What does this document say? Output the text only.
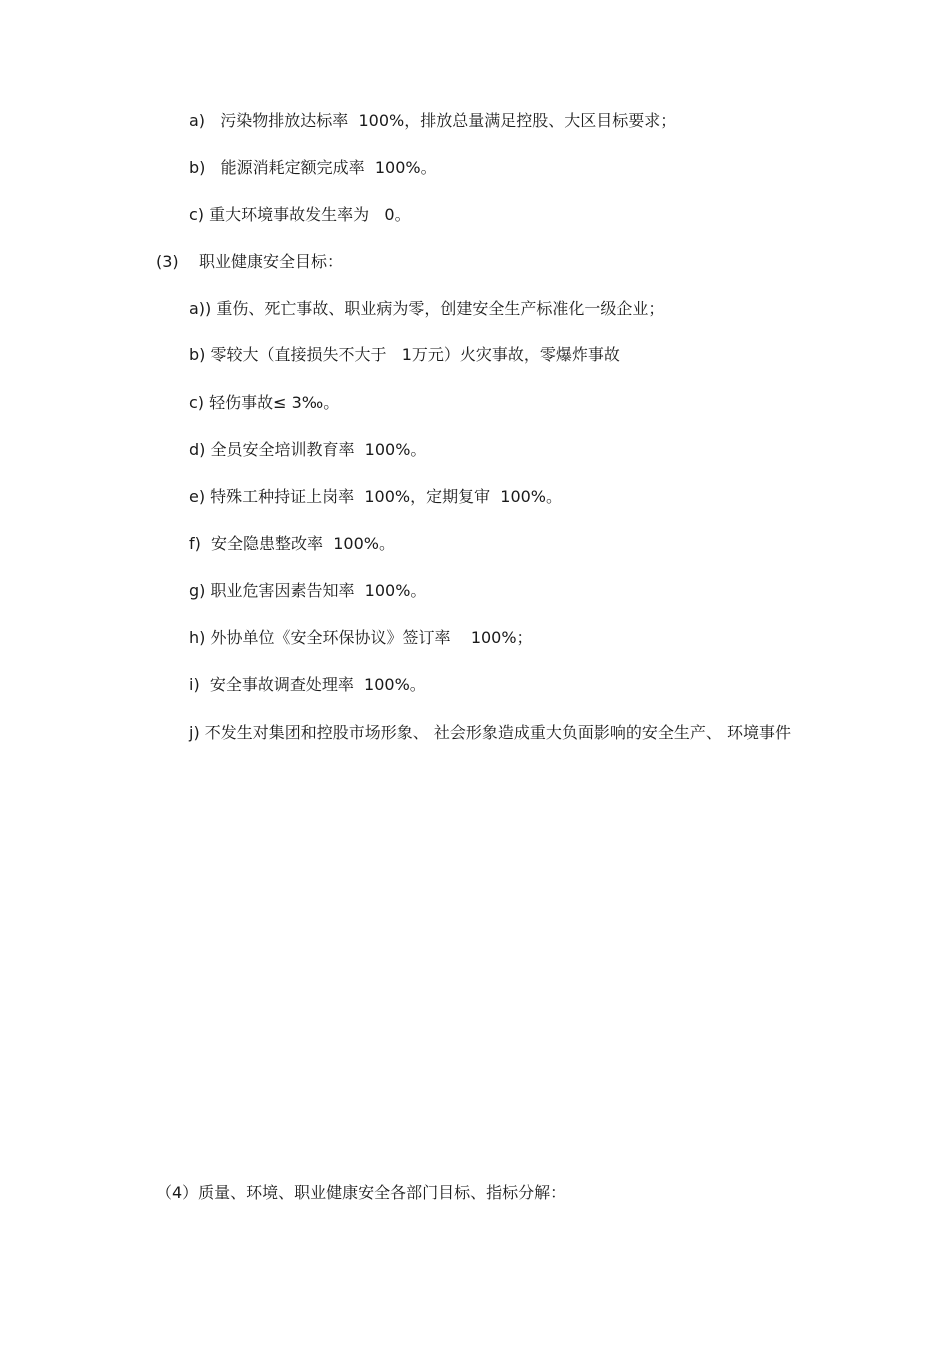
a)   污染物排放达标率  100%，排放总量满足控股、大区目标要求；
b)   能源消耗定额完成率  100%。
c) 重大环境事故发生率为   0。
(3)    职业健康安全目标：
a)) 重伤、死亡事故、职业病为零，创建安全生产标准化一级企业；
b) 零较大（直接损失不大于   1万元）火灾事故，零爆炸事故
c) 轻伤事故≤ 3‰。
d) 全员安全培训教育率  100%。
e) 特殊工种持证上岗率  100%，定期复审  100%。
f)  安全隐患整改率  100%。
g) 职业危害因素告知率  100%。
h) 外协单位《安全环保协议》签订率    100%；
i)  安全事故调查处理率  100%。
j) 不发生对集团和控股市场形象、 社会形象造成重大负面影响的安全生产、 环境事件
（4）质量、环境、职业健康安全各部门目标、指标分解：
